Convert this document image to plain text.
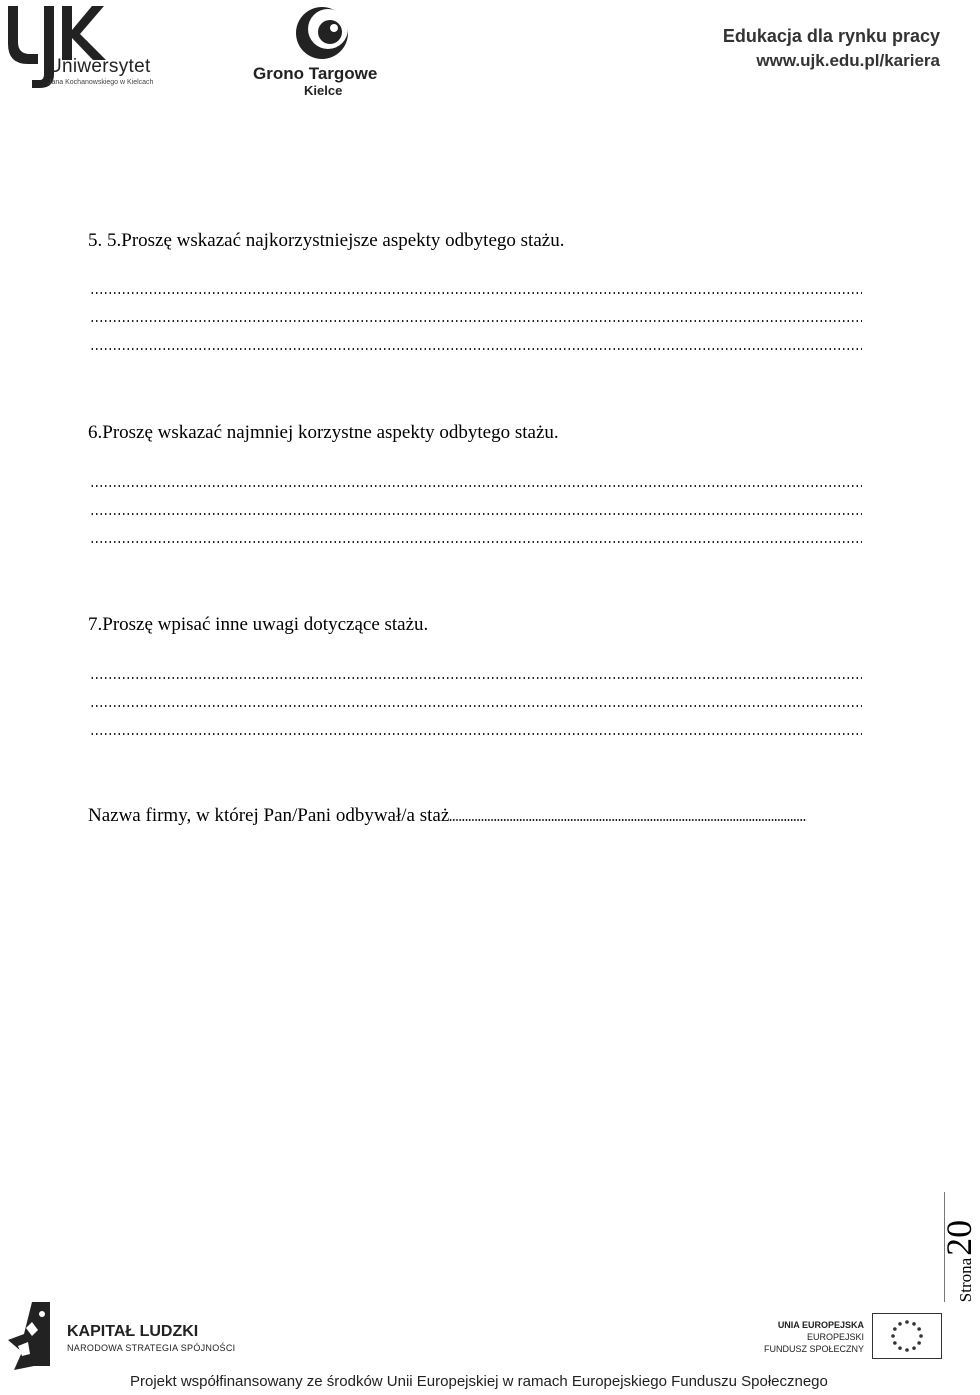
Uniwersytet
Jana Kochanowskiego w Kielcach	Grono Targowe
Kielce
Edukacja dla rynku pracy
www.ujk.edu.pl/kariera
5. 5.Proszę wskazać najkorzystniejsze aspekty odbytego stażu.
6.Proszę wskazać najmniej korzystne aspekty odbytego stażu.
7.Proszę wpisać inne uwagi dotyczące stażu.
Nazwa firmy, w której Pan/Pani odbywał/a staż
Strona
20
KAPITAŁ LUDZKI
NARODOWA STRATEGIA SPÓJNOŚCI
UNIA EUROPEJSKA
EUROPEJSKI
FUNDUSZ SPOŁECZNY
Projekt współfinansowany ze środków Unii Europejskiej w ramach Europejskiego Funduszu Społecznego
